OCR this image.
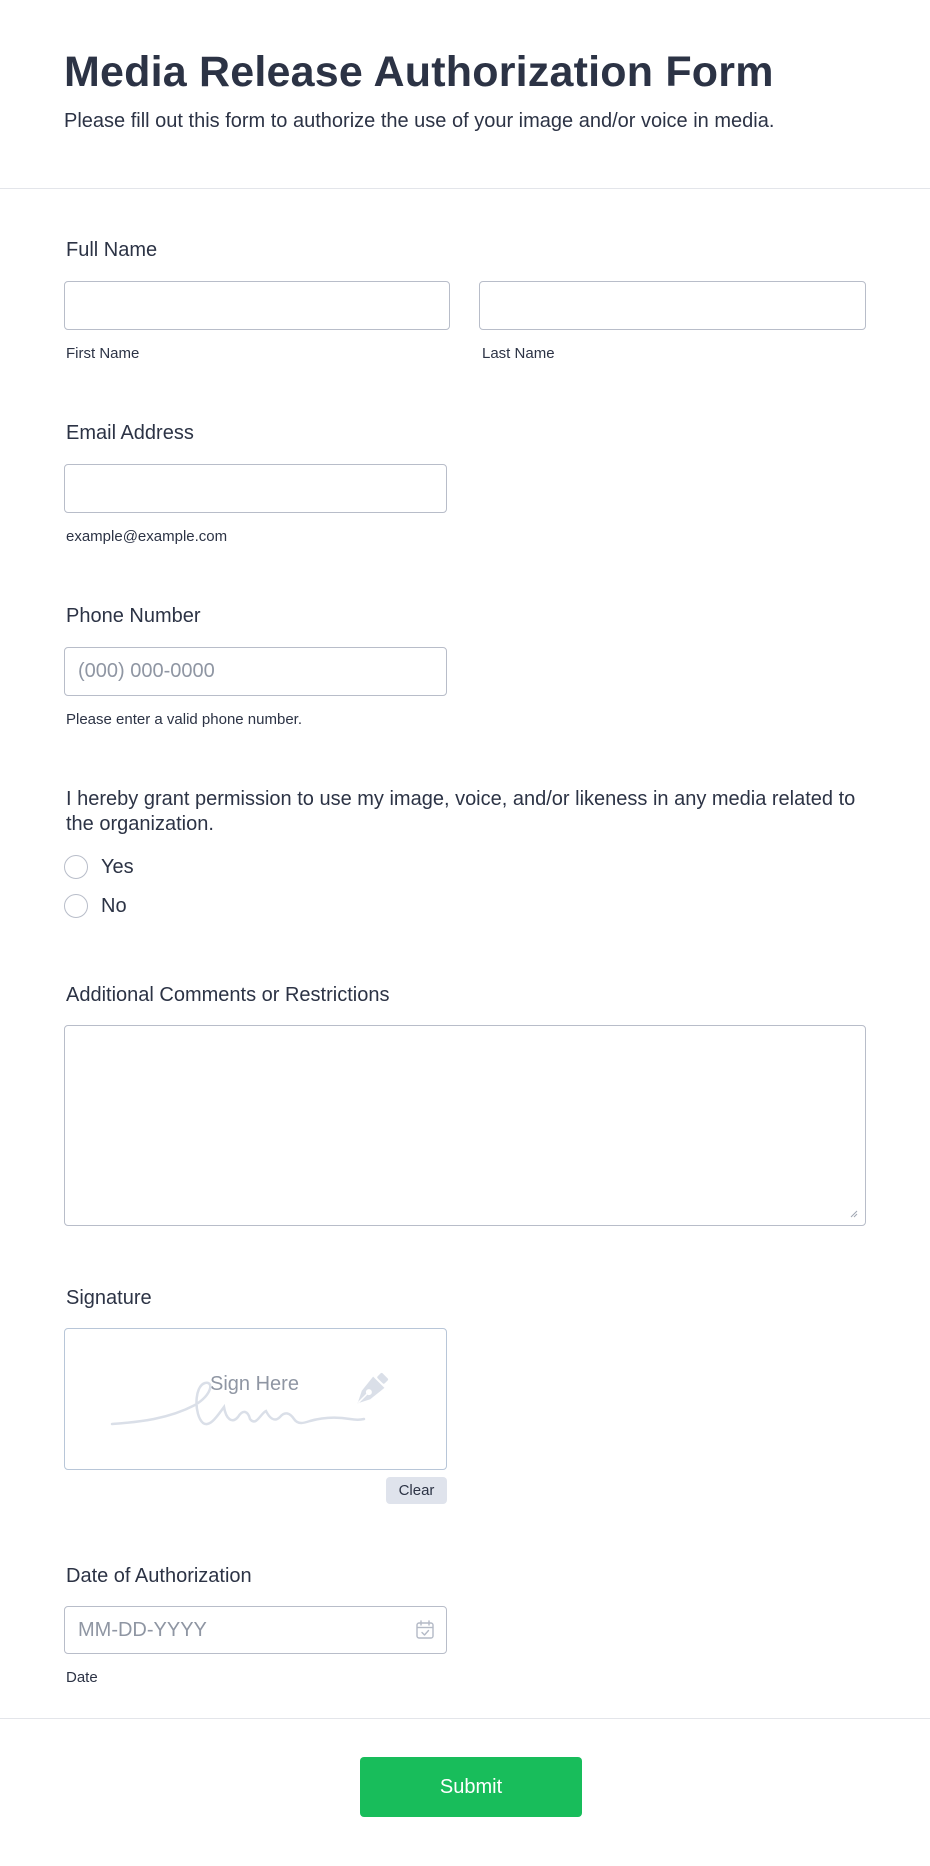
Media Release Authorization Form

Please fill out this form to authorize the use of your image and/or voice in media.

Full Name
First Name	Last Name
Email Address
example@example.com
Phone Number
(000) 000-0000
Please enter a valid phone number.
I hereby grant permission to use my image, voice, and/or likeness in any media related to the organization.
Yes
No
Additional Comments or Restrictions
Signature
Sign Here
Clear
Date of Authorization
MM-DD-YYYY
Date
Submit
